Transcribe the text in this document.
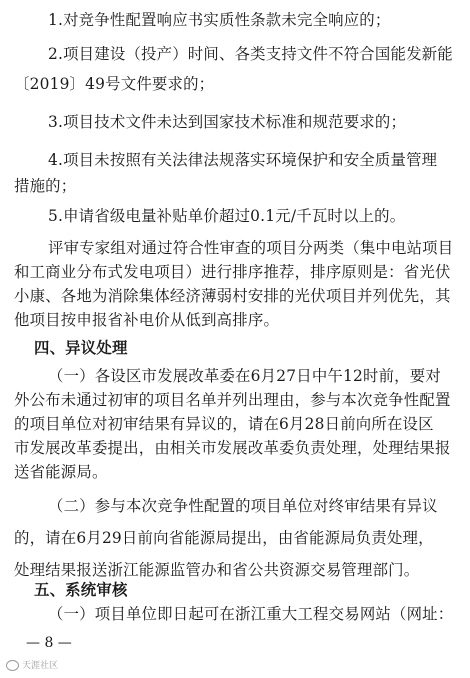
1.对竞争性配置响应书实质性条款未完全响应的；
2.项目建设（投产）时间、各类支持文件不符合国能发新能
〔2019〕49号文件要求的；
3.项目技术文件未达到国家技术标准和规范要求的；
4.项目未按照有关法律法规落实环境保护和安全质量管理
措施的；
5.申请省级电量补贴单价超过0.1元/千瓦时以上的。
评审专家组对通过符合性审查的项目分两类（集中电站项目
和工商业分布式发电项目）进行排序推荐，排序原则是：省光伏
小康、各地为消除集体经济薄弱村安排的光伏项目并列优先，其
他项目按申报省补电价从低到高排序。
四、异议处理
（一）各设区市发展改革委在6月27日中午12时前，要对
外公布未通过初审的项目名单并列出理由，参与本次竞争性配置
的项目单位对初审结果有异议的，请在6月28日前向所在设区
市发展改革委提出，由相关市发展改革委负责处理，处理结果报
送省能源局。
（二）参与本次竞争性配置的项目单位对终审结果有异议
的，请在6月29日前向省能源局提出，由省能源局负责处理，
处理结果报送浙江能源监管办和省公共资源交易管理部门。
五、系统审核
（一）项目单位即日起可在浙江重大工程交易网站（网址：
— 8 —
天涯社区
